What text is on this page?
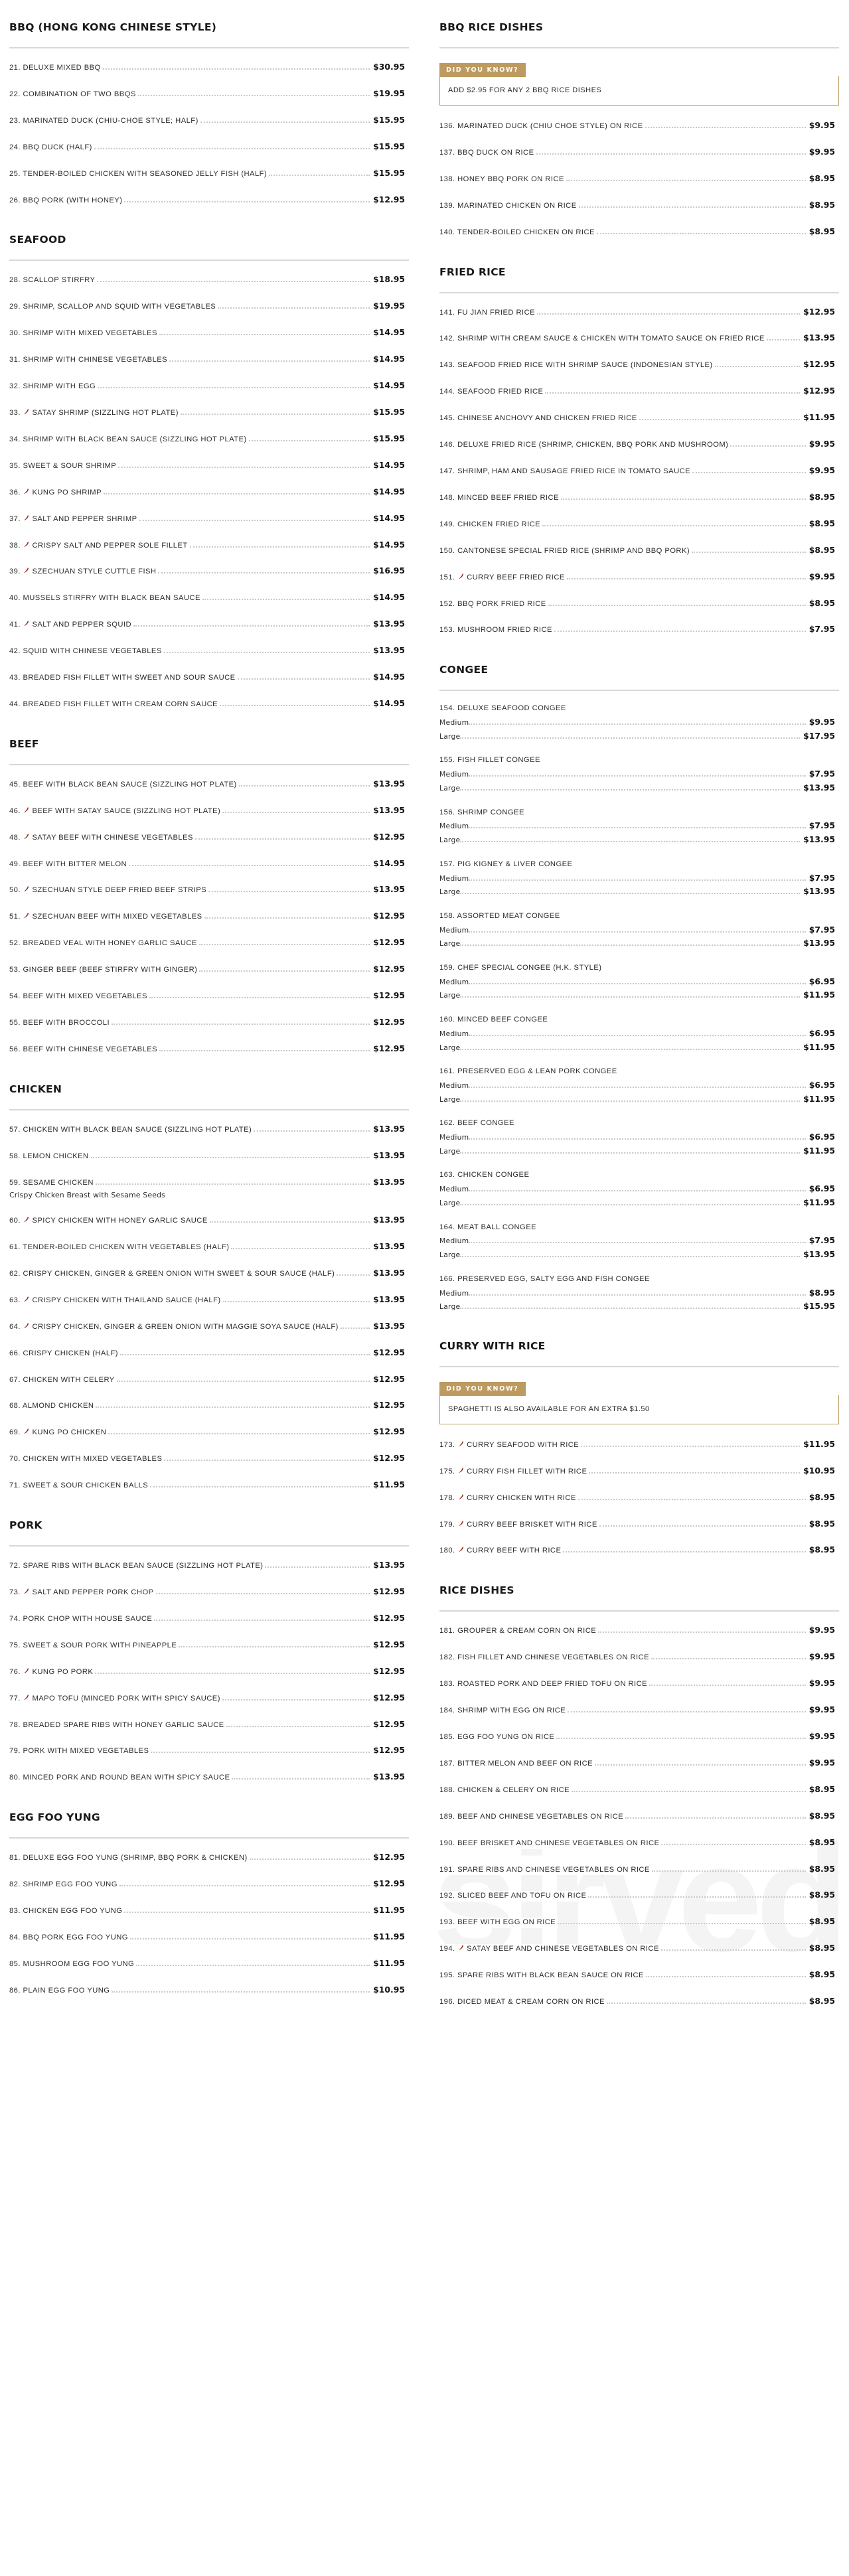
BBQ (HONG KONG CHINESE STYLE)
21. DELUXE MIXED BBQ	$30.95
22. COMBINATION OF TWO BBQS	$19.95
23. MARINATED DUCK (CHIU-CHOE STYLE; HALF)	$15.95
24. BBQ DUCK (HALF)	$15.95
25. TENDER-BOILED CHICKEN WITH SEASONED JELLY FISH (HALF)	$15.95
26. BBQ PORK (WITH HONEY)	$12.95
SEAFOOD
28. SCALLOP STIRFRY	$18.95
29. SHRIMP, SCALLOP AND SQUID WITH VEGETABLES	$19.95
30. SHRIMP WITH MIXED VEGETABLES	$14.95
31. SHRIMP WITH CHINESE VEGETABLES	$14.95
32. SHRIMP WITH EGG	$14.95
33. SATAY SHRIMP (SIZZLING HOT PLATE)	$15.95
34. SHRIMP WITH BLACK BEAN SAUCE (SIZZLING HOT PLATE)	$15.95
35. SWEET & SOUR SHRIMP	$14.95
36. KUNG PO SHRIMP	$14.95
37. SALT AND PEPPER SHRIMP	$14.95
38. CRISPY SALT AND PEPPER SOLE FILLET	$14.95
39. SZECHUAN STYLE CUTTLE FISH	$16.95
40. MUSSELS STIRFRY WITH BLACK BEAN SAUCE	$14.95
41. SALT AND PEPPER SQUID	$13.95
42. SQUID WITH CHINESE VEGETABLES	$13.95
43. BREADED FISH FILLET WITH SWEET AND SOUR SAUCE	$14.95
44. BREADED FISH FILLET WITH CREAM CORN SAUCE	$14.95
BEEF
45. BEEF WITH BLACK BEAN SAUCE (SIZZLING HOT PLATE)	$13.95
46. BEEF WITH SATAY SAUCE (SIZZLING HOT PLATE)	$13.95
48. SATAY BEEF WITH CHINESE VEGETABLES	$12.95
49. BEEF WITH BITTER MELON	$14.95
50. SZECHUAN STYLE DEEP FRIED BEEF STRIPS	$13.95
51. SZECHUAN BEEF WITH MIXED VEGETABLES	$12.95
52. BREADED VEAL WITH HONEY GARLIC SAUCE	$12.95
53. GINGER BEEF (BEEF STIRFRY WITH GINGER)	$12.95
54. BEEF WITH MIXED VEGETABLES	$12.95
55. BEEF WITH BROCCOLI	$12.95
56. BEEF WITH CHINESE VEGETABLES	$12.95
CHICKEN
57. CHICKEN WITH BLACK BEAN SAUCE (SIZZLING HOT PLATE)	$13.95
58. LEMON CHICKEN	$13.95
59. SESAME CHICKEN	$13.95
Crispy Chicken Breast with Sesame Seeds
60. SPICY CHICKEN WITH HONEY GARLIC SAUCE	$13.95
61. TENDER-BOILED CHICKEN WITH VEGETABLES (HALF)	$13.95
62. CRISPY CHICKEN, GINGER & GREEN ONION WITH SWEET & SOUR SAUCE (HALF)	$13.95
63. CRISPY CHICKEN WITH THAILAND SAUCE (HALF)	$13.95
64. CRISPY CHICKEN, GINGER & GREEN ONION WITH MAGGIE SOYA SAUCE (HALF)	$13.95
66. CRISPY CHICKEN (HALF)	$12.95
67. CHICKEN WITH CELERY	$12.95
68. ALMOND CHICKEN	$12.95
69. KUNG PO CHICKEN	$12.95
70. CHICKEN WITH MIXED VEGETABLES	$12.95
71. SWEET & SOUR CHICKEN BALLS	$11.95
PORK
72. SPARE RIBS WITH BLACK BEAN SAUCE (SIZZLING HOT PLATE)	$13.95
73. SALT AND PEPPER PORK CHOP	$12.95
74. PORK CHOP WITH HOUSE SAUCE	$12.95
75. SWEET & SOUR PORK WITH PINEAPPLE	$12.95
76. KUNG PO PORK	$12.95
77. MAPO TOFU (MINCED PORK WITH SPICY SAUCE)	$12.95
78. BREADED SPARE RIBS WITH HONEY GARLIC SAUCE	$12.95
79. PORK WITH MIXED VEGETABLES	$12.95
80. MINCED PORK AND ROUND BEAN WITH SPICY SAUCE	$13.95
EGG FOO YUNG
81. DELUXE EGG FOO YUNG (SHRIMP, BBQ PORK & CHICKEN)	$12.95
82. SHRIMP EGG FOO YUNG	$12.95
83. CHICKEN EGG FOO YUNG	$11.95
84. BBQ PORK EGG FOO YUNG	$11.95
85. MUSHROOM EGG FOO YUNG	$11.95
86. PLAIN EGG FOO YUNG	$10.95
BBQ RICE DISHES
DID YOU KNOW?
ADD $2.95 FOR ANY 2 BBQ RICE DISHES
136. MARINATED DUCK (CHIU CHOE STYLE) ON RICE	$9.95
137. BBQ DUCK ON RICE	$9.95
138. HONEY BBQ PORK ON RICE	$8.95
139. MARINATED CHICKEN ON RICE	$8.95
140. TENDER-BOILED CHICKEN ON RICE	$8.95
FRIED RICE
141. FU JIAN FRIED RICE	$12.95
142. SHRIMP WITH CREAM SAUCE & CHICKEN WITH TOMATO SAUCE ON FRIED RICE	$13.95
143. SEAFOOD FRIED RICE WITH SHRIMP SAUCE (INDONESIAN STYLE)	$12.95
144. SEAFOOD FRIED RICE	$12.95
145. CHINESE ANCHOVY AND CHICKEN FRIED RICE	$11.95
146. DELUXE FRIED RICE (SHRIMP, CHICKEN, BBQ PORK AND MUSHROOM)	$9.95
147. SHRIMP, HAM AND SAUSAGE FRIED RICE IN TOMATO SAUCE	$9.95
148. MINCED BEEF FRIED RICE	$8.95
149. CHICKEN FRIED RICE	$8.95
150. CANTONESE SPECIAL FRIED RICE (SHRIMP AND BBQ PORK)	$8.95
151. CURRY BEEF FRIED RICE	$9.95
152. BBQ PORK FRIED RICE	$8.95
153. MUSHROOM FRIED RICE	$7.95
CONGEE
154. DELUXE SEAFOOD CONGEE
Medium	$9.95
Large	$17.95
155. FISH FILLET CONGEE
Medium	$7.95
Large	$13.95
156. SHRIMP CONGEE
Medium	$7.95
Large	$13.95
157. PIG KIGNEY & LIVER CONGEE
Medium	$7.95
Large	$13.95
158. ASSORTED MEAT CONGEE
Medium	$7.95
Large	$13.95
159. CHEF SPECIAL CONGEE (H.K. STYLE)
Medium	$6.95
Large	$11.95
160. MINCED BEEF CONGEE
Medium	$6.95
Large	$11.95
161. PRESERVED EGG & LEAN PORK CONGEE
Medium	$6.95
Large	$11.95
162. BEEF CONGEE
Medium	$6.95
Large	$11.95
163. CHICKEN CONGEE
Medium	$6.95
Large	$11.95
164. MEAT BALL CONGEE
Medium	$7.95
Large	$13.95
166. PRESERVED EGG, SALTY EGG AND FISH CONGEE
Medium	$8.95
Large	$15.95
CURRY WITH RICE
DID YOU KNOW?
SPAGHETTI IS ALSO AVAILABLE FOR AN EXTRA $1.50
173. CURRY SEAFOOD WITH RICE	$11.95
175. CURRY FISH FILLET WITH RICE	$10.95
178. CURRY CHICKEN WITH RICE	$8.95
179. CURRY BEEF BRISKET WITH RICE	$8.95
180. CURRY BEEF WITH RICE	$8.95
RICE DISHES
181. GROUPER & CREAM CORN ON RICE	$9.95
182. FISH FILLET AND CHINESE VEGETABLES ON RICE	$9.95
183. ROASTED PORK AND DEEP FRIED TOFU ON RICE	$9.95
184. SHRIMP WITH EGG ON RICE	$9.95
185. EGG FOO YUNG ON RICE	$9.95
187. BITTER MELON AND BEEF ON RICE	$9.95
188. CHICKEN & CELERY ON RICE	$8.95
189. BEEF AND CHINESE VEGETABLES ON RICE	$8.95
190. BEEF BRISKET AND CHINESE VEGETABLES ON RICE	$8.95
191. SPARE RIBS AND CHINESE VEGETABLES ON RICE	$8.95
192. SLICED BEEF AND TOFU ON RICE	$8.95
193. BEEF WITH EGG ON RICE	$8.95
194. SATAY BEEF AND CHINESE VEGETABLES ON RICE	$8.95
195. SPARE RIBS WITH BLACK BEAN SAUCE ON RICE	$8.95
196. DICED MEAT & CREAM CORN ON RICE	$8.95
